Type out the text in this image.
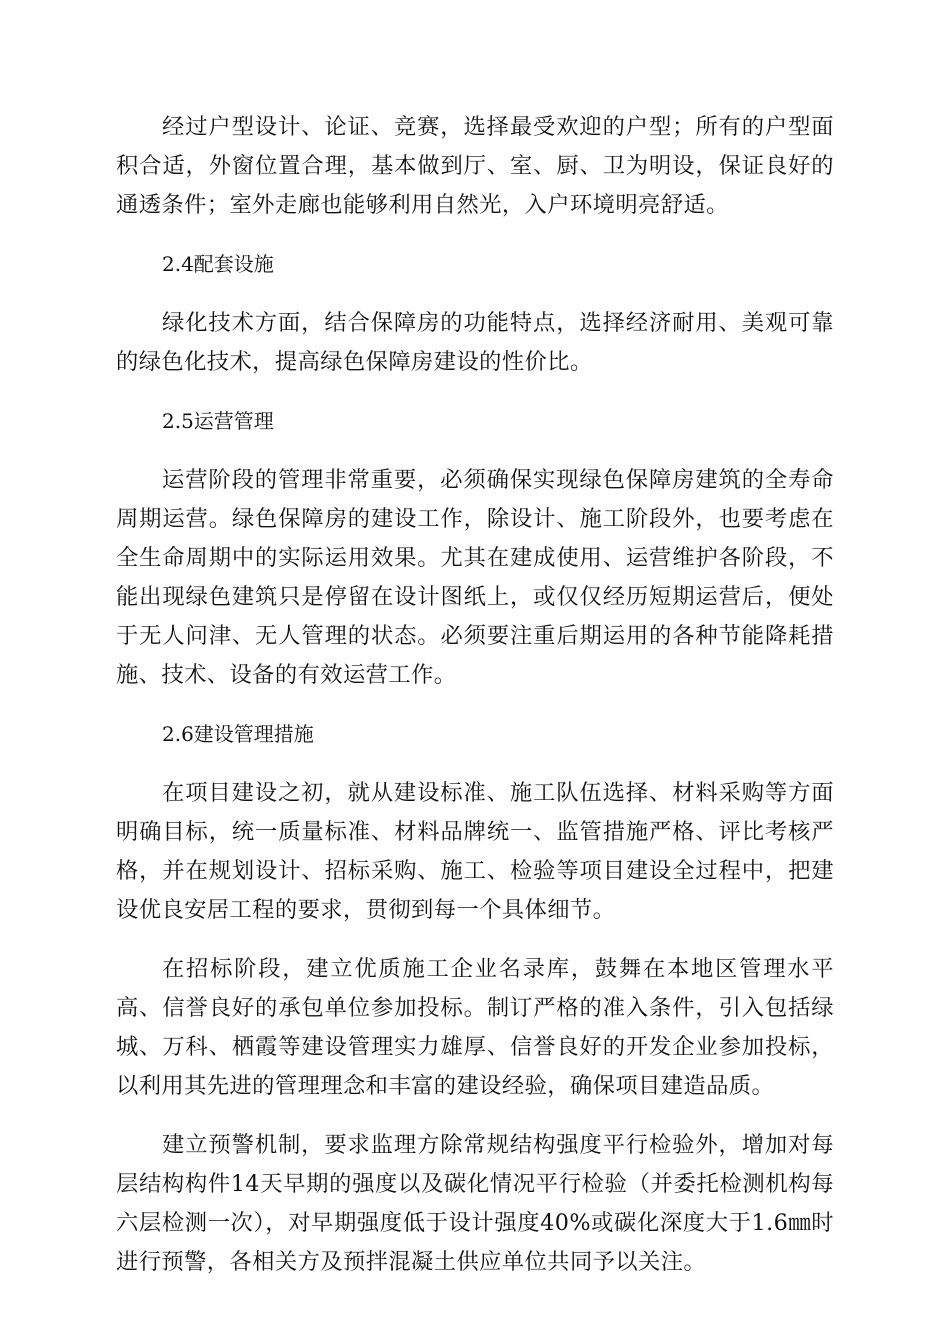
经过户型设计、论证、竞赛，选择最受欢迎的户型；所有的户型面积合适，外窗位置合理，基本做到厅、室、厨、卫为明设，保证良好的通透条件；室外走廊也能够利用自然光，入户环境明亮舒适。

2.4配套设施

绿化技术方面，结合保障房的功能特点，选择经济耐用、美观可靠的绿色化技术，提高绿色保障房建设的性价比。

2.5运营管理

运营阶段的管理非常重要，必须确保实现绿色保障房建筑的全寿命周期运营。绿色保障房的建设工作，除设计、施工阶段外，也要考虑在全生命周期中的实际运用效果。尤其在建成使用、运营维护各阶段，不能出现绿色建筑只是停留在设计图纸上，或仅仅经历短期运营后，便处于无人问津、无人管理的状态。必须要注重后期运用的各种节能降耗措施、技术、设备的有效运营工作。

2.6建设管理措施

在项目建设之初，就从建设标准、施工队伍选择、材料采购等方面明确目标，统一质量标准、材料品牌统一、监管措施严格、评比考核严格，并在规划设计、招标采购、施工、检验等项目建设全过程中，把建设优良安居工程的要求，贯彻到每一个具体细节。

在招标阶段，建立优质施工企业名录库，鼓舞在本地区管理水平高、信誉良好的承包单位参加投标。制订严格的准入条件，引入包括绿城、万科、栖霞等建设管理实力雄厚、信誉良好的开发企业参加投标，以利用其先进的管理理念和丰富的建设经验，确保项目建造品质。

建立预警机制，要求监理方除常规结构强度平行检验外，增加对每层结构构件14天早期的强度以及碳化情况平行检验（并委托检测机构每六层检测一次），对早期强度低于设计强度40%或碳化深度大于1.6㎜时进行预警，各相关方及预拌混凝土供应单位共同予以关注。
